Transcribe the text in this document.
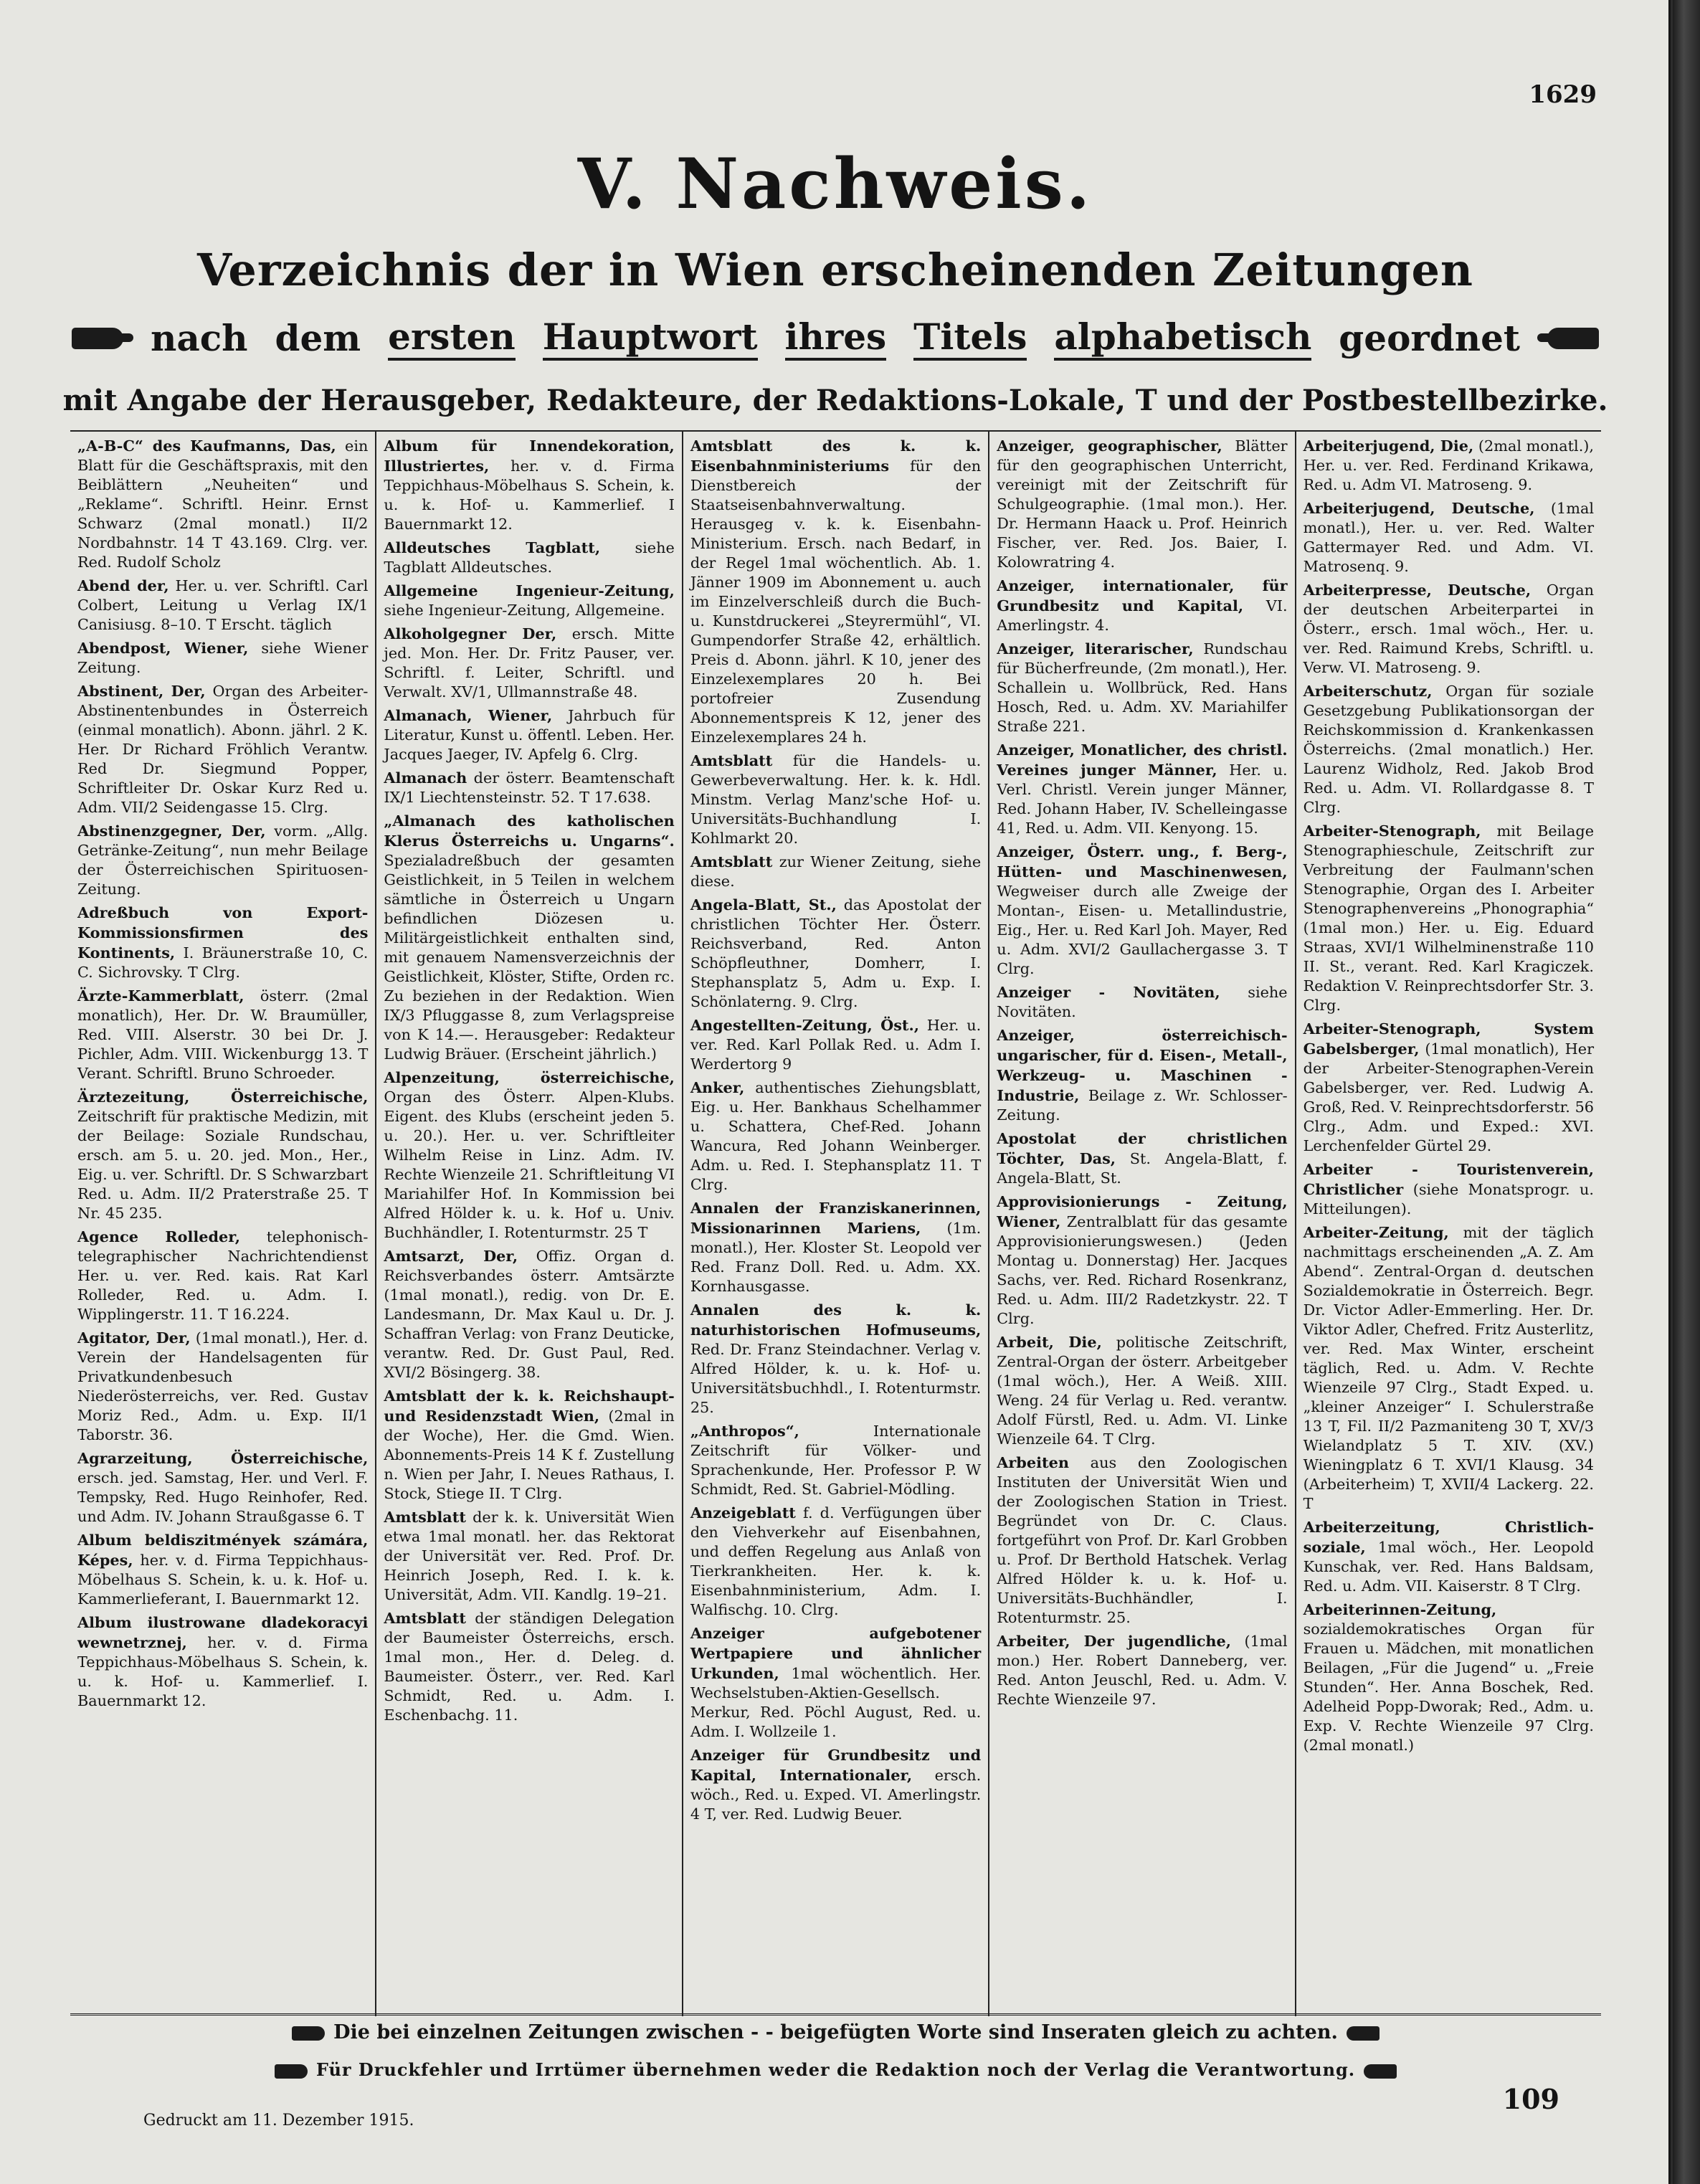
1629
V. Nachweis.
Verzeichnis der in Wien erscheinenden Zeitungen
nach dem ersten Hauptwort ihres Titels alphabetisch geordnet
mit Angabe der Herausgeber, Redakteure, der Redaktions-Lokale, T und der Postbestellbezirke.

„A-B-C“ des Kaufmanns, Das, ein Blatt für die Geschäftspraxis, mit den Beiblättern „Neuheiten“ und „Reklame“. Schriftl. Heinr. Ernst Schwarz (2mal monatl.) II/2 Nordbahnstr. 14 T 43.169. Clrg. ver. Red. Rudolf Scholz

Abend der, Her. u. ver. Schriftl. Carl Colbert, Leitung u Verlag IX/1 Canisiusg. 8–10. T Erscht. täglich

Abendpost, Wiener, siehe Wiener Zeitung.

Abstinent, Der, Organ des Arbeiter-Abstinentenbundes in Österreich (einmal monatlich). Abonn. jährl. 2 K. Her. Dr Richard Fröhlich Verantw. Red Dr. Siegmund Popper, Schriftleiter Dr. Oskar Kurz Red u. Adm. VII/2 Seidengasse 15. Clrg.

Abstinenzgegner, Der, vorm. „Allg. Getränke-Zeitung“, nun mehr Beilage der Österreichischen Spirituosen-Zeitung.

Adreßbuch von Export-Kommissionsfirmen des Kontinents, I. Bräunerstraße 10, C. C. Sichrovsky. T Clrg.

Ärzte-Kammerblatt, österr. (2mal monatlich), Her. Dr. W. Braumüller, Red. VIII. Alserstr. 30 bei Dr. J. Pichler, Adm. VIII. Wickenburgg 13. T Verant. Schriftl. Bruno Schroeder.

Ärztezeitung, Österreichische, Zeitschrift für praktische Medizin, mit der Beilage: Soziale Rundschau, ersch. am 5. u. 20. jed. Mon., Her., Eig. u. ver. Schriftl. Dr. S Schwarzbart Red. u. Adm. II/2 Praterstraße 25. T Nr. 45 235.

Agence Rolleder, telephonisch-telegraphischer Nachrichtendienst Her. u. ver. Red. kais. Rat Karl Rolleder, Red. u. Adm. I. Wipplingerstr. 11. T 16.224.

Agitator, Der, (1mal monatl.), Her. d. Verein der Handelsagenten für Privatkundenbesuch Niederösterreichs, ver. Red. Gustav Moriz Red., Adm. u. Exp. II/1 Taborstr. 36.

Agrarzeitung, Österreichische, ersch. jed. Samstag, Her. und Verl. F. Tempsky, Red. Hugo Reinhofer, Red. und Adm. IV. Johann Straußgasse 6. T

Album beldiszitmények számára, Képes, her. v. d. Firma Teppichhaus-Möbelhaus S. Schein, k. u. k. Hof- u. Kammerlieferant, I. Bauernmarkt 12.

Album ilustrowane dladekoracyi wewnetrznej, her. v. d. Firma Teppichhaus-Möbelhaus S. Schein, k. u. k. Hof- u. Kammerlief. I. Bauernmarkt 12.

Album für Innendekoration, Illustriertes, her. v. d. Firma Teppichhaus-Möbelhaus S. Schein, k. u. k. Hof- u. Kammerlief. I Bauernmarkt 12.

Alldeutsches Tagblatt, siehe Tagblatt Alldeutsches.

Allgemeine Ingenieur-Zeitung, siehe Ingenieur-Zeitung, Allgemeine.

Alkoholgegner Der, ersch. Mitte jed. Mon. Her. Dr. Fritz Pauser, ver. Schriftl. f. Leiter, Schriftl. und Verwalt. XV/1, Ullmannstraße 48.

Almanach, Wiener, Jahrbuch für Literatur, Kunst u. öffentl. Leben. Her. Jacques Jaeger, IV. Apfelg 6. Clrg.

Almanach der österr. Beamtenschaft IX/1 Liechtensteinstr. 52. T 17.638.

„Almanach des katholischen Klerus Österreichs u. Ungarns“. Spezialadreßbuch der gesamten Geistlichkeit, in 5 Teilen in welchem sämtliche in Österreich u Ungarn befindlichen Diözesen u. Militärgeistlichkeit enthalten sind, mit genauem Namensverzeichnis der Geistlichkeit, Klöster, Stifte, Orden rc. Zu beziehen in der Redaktion. Wien IX/3 Pfluggasse 8, zum Verlagspreise von K 14.—. Herausgeber: Redakteur Ludwig Bräuer. (Erscheint jährlich.)

Alpenzeitung, österreichische, Organ des Österr. Alpen-Klubs. Eigent. des Klubs (erscheint jeden 5. u. 20.). Her. u. ver. Schriftleiter Wilhelm Reise in Linz. Adm. IV. Rechte Wienzeile 21. Schriftleitung VI Mariahilfer Hof. In Kommission bei Alfred Hölder k. u. k. Hof u. Univ. Buchhändler, I. Rotenturmstr. 25 T

Amtsarzt, Der, Offiz. Organ d. Reichsverbandes österr. Amtsärzte (1mal monatl.), redig. von Dr. E. Landesmann, Dr. Max Kaul u. Dr. J. Schaffran Verlag: von Franz Deuticke, verantw. Red. Dr. Gust Paul, Red. XVI/2 Bösingerg. 38.

Amtsblatt der k. k. Reichshaupt- und Residenzstadt Wien, (2mal in der Woche), Her. die Gmd. Wien. Abonnements-Preis 14 K f. Zustellung n. Wien per Jahr, I. Neues Rathaus, I. Stock, Stiege II. T Clrg.

Amtsblatt der k. k. Universität Wien etwa 1mal monatl. her. das Rektorat der Universität ver. Red. Prof. Dr. Heinrich Joseph, Red. I. k. k. Universität, Adm. VII. Kandlg. 19–21.

Amtsblatt der ständigen Delegation der Baumeister Österreichs, ersch. 1mal mon., Her. d. Deleg. d. Baumeister. Österr., ver. Red. Karl Schmidt, Red. u. Adm. I. Eschenbachg. 11.

Amtsblatt des k. k. Eisenbahnministeriums für den Dienstbereich der Staatseisenbahnverwaltung. Herausgeg v. k. k. Eisenbahn-Ministerium. Ersch. nach Bedarf, in der Regel 1mal wöchentlich. Ab. 1. Jänner 1909 im Abonnement u. auch im Einzelverschleiß durch die Buch- u. Kunstdruckerei „Steyrermühl“, VI. Gumpendorfer Straße 42, erhältlich. Preis d. Abonn. jährl. K 10, jener des Einzelexemplares 20 h. Bei portofreier Zusendung Abonnementspreis K 12, jener des Einzelexemplares 24 h.

Amtsblatt für die Handels- u. Gewerbeverwaltung. Her. k. k. Hdl. Minstm. Verlag Manz'sche Hof- u. Universitäts-Buchhandlung I. Kohlmarkt 20.

Amtsblatt zur Wiener Zeitung, siehe diese.

Angela-Blatt, St., das Apostolat der christlichen Töchter Her. Österr. Reichsverband, Red. Anton Schöpfleuthner, Domherr, I. Stephansplatz 5, Adm u. Exp. I. Schönlaterng. 9. Clrg.

Angestellten-Zeitung, Öst., Her. u. ver. Red. Karl Pollak Red. u. Adm I. Werdertorg 9

Anker, authentisches Ziehungsblatt, Eig. u. Her. Bankhaus Schelhammer u. Schattera, Chef-Red. Johann Wancura, Red Johann Weinberger. Adm. u. Red. I. Stephansplatz 11. T Clrg.

Annalen der Franziskanerinnen, Missionarinnen Mariens, (1m. monatl.), Her. Kloster St. Leopold ver Red. Franz Doll. Red. u. Adm. XX. Kornhausgasse.

Annalen des k. k. naturhistorischen Hofmuseums, Red. Dr. Franz Steindachner. Verlag v. Alfred Hölder, k. u. k. Hof- u. Universitätsbuchhdl., I. Rotenturmstr. 25.

„Anthropos“,	Internationale Zeitschrift für Völker- und Sprachenkunde, Her. Professor P. W Schmidt, Red. St. Gabriel-Mödling.

Anzeigeblatt f. d. Verfügungen über den Viehverkehr auf Eisenbahnen, und deffen Regelung aus Anlaß von Tierkrankheiten. Her. k. k. Eisenbahnministerium, Adm. I. Walfischg. 10. Clrg.

Anzeiger aufgebotener Wertpapiere und ähnlicher Urkunden, 1mal wöchentlich. Her. Wechselstuben-Aktien-Gesellsch. Merkur, Red. Pöchl August, Red. u. Adm. I. Wollzeile 1.

Anzeiger für Grundbesitz und Kapital, Internationaler, ersch. wöch., Red. u. Exped. VI. Amerlingstr. 4 T, ver. Red. Ludwig Beuer.

Anzeiger, geographischer, Blätter für den geographischen Unterricht, vereinigt mit der Zeitschrift für Schulgeographie. (1mal mon.). Her. Dr. Hermann Haack u. Prof. Heinrich Fischer, ver. Red. Jos. Baier, I. Kolowratring 4.

Anzeiger, internationaler, für Grundbesitz und Kapital, VI. Amerlingstr. 4.

Anzeiger, literarischer, Rundschau für Bücherfreunde, (2m monatl.), Her. Schallein u. Wollbrück, Red. Hans Hosch, Red. u. Adm. XV. Mariahilfer Straße 221.

Anzeiger, Monatlicher, des christl. Vereines junger Männer, Her. u. Verl. Christl. Verein junger Männer, Red. Johann Haber, IV. Schelleingasse 41, Red. u. Adm. VII. Kenyong. 15.

Anzeiger, Österr. ung., f. Berg-, Hütten- und Maschinenwesen, Wegweiser durch alle Zweige der Montan-, Eisen- u. Metallindustrie, Eig., Her. u. Red Karl Joh. Mayer, Red u. Adm. XVI/2 Gaullachergasse 3. T Clrg.

Anzeiger - Novitäten, siehe Novitäten.

Anzeiger, österreichisch-ungarischer, für d. Eisen-, Metall-, Werkzeug- u. Maschinen - Industrie, Beilage z. Wr. Schlosser-Zeitung.

Apostolat der christlichen Töchter, Das, St. Angela-Blatt, f. Angela-Blatt, St.

Approvisionierungs - Zeitung, Wiener, Zentralblatt für das gesamte Approvisionierungswesen.) (Jeden Montag u. Donnerstag) Her. Jacques Sachs, ver. Red. Richard Rosenkranz, Red. u. Adm. III/2 Radetzkystr. 22. T Clrg.

Arbeit, Die, politische Zeitschrift, Zentral-Organ der österr. Arbeitgeber (1mal wöch.), Her. A Weiß. XIII. Weng. 24 für Verlag u. Red. verantw. Adolf Fürstl, Red. u. Adm. VI. Linke Wienzeile 64. T Clrg.

Arbeiten aus den Zoologischen Instituten der Universität Wien und der Zoologischen Station in Triest. Begründet von Dr. C. Claus. fortgeführt von Prof. Dr. Karl Grobben u. Prof. Dr Berthold Hatschek. Verlag Alfred Hölder k. u. k. Hof- u. Universitäts-Buchhändler, I. Rotenturmstr. 25.

Arbeiter, Der jugendliche, (1mal mon.) Her. Robert Danneberg, ver. Red. Anton Jeuschl, Red. u. Adm. V. Rechte Wienzeile 97.

Arbeiterjugend, Die, (2mal monatl.), Her. u. ver. Red. Ferdinand Krikawa, Red. u. Adm VI. Matroseng. 9.

Arbeiterjugend, Deutsche, (1mal monatl.), Her. u. ver. Red. Walter Gattermayer Red. und Adm. VI. Matrosenq. 9.

Arbeiterpresse, Deutsche, Organ der deutschen Arbeiterpartei in Österr., ersch. 1mal wöch., Her. u. ver. Red. Raimund Krebs, Schriftl. u. Verw. VI. Matroseng. 9.

Arbeiterschutz, Organ für soziale Gesetzgebung Publikationsorgan der Reichskommission d. Krankenkassen Österreichs. (2mal monatlich.) Her. Laurenz Widholz, Red. Jakob Brod Red. u. Adm. VI. Rollardgasse 8. T Clrg.

Arbeiter-Stenograph, mit Beilage Stenographieschule, Zeitschrift zur Verbreitung der Faulmann'schen Stenographie, Organ des I. Arbeiter Stenographenvereins „Phonographia“ (1mal mon.) Her. u. Eig. Eduard Straas, XVI/1 Wilhelminenstraße 110 II. St., verant. Red. Karl Kragiczek. Redaktion V. Reinprechtsdorfer Str. 3. Clrg.

Arbeiter-Stenograph, System Gabelsberger, (1mal monatlich), Her der Arbeiter-Stenographen-Verein Gabelsberger, ver. Red. Ludwig A. Groß, Red. V. Reinprechtsdorferstr. 56 Clrg., Adm. und Exped.: XVI. Lerchenfelder Gürtel 29.

Arbeiter - Touristenverein, Christlicher (siehe Monatsprogr. u. Mitteilungen).

Arbeiter-Zeitung, mit der täglich nachmittags erscheinenden „A. Z. Am Abend“. Zentral-Organ d. deutschen Sozialdemokratie in Österreich. Begr. Dr. Victor Adler-Emmerling. Her. Dr. Viktor Adler, Chefred. Fritz Austerlitz, ver. Red. Max Winter, erscheint täglich, Red. u. Adm. V. Rechte Wienzeile 97 Clrg., Stadt Exped. u. „kleiner Anzeiger“ I. Schulerstraße 13 T, Fil. II/2 Pazmaniteng 30 T, XV/3 Wielandplatz 5 T. XIV. (XV.) Wieningplatz 6 T. XVI/1 Klausg. 34 (Arbeiterheim) T, XVII/4 Lackerg. 22. T

Arbeiterzeitung, Christlich-soziale, 1mal wöch., Her. Leopold Kunschak, ver. Red. Hans Baldsam, Red. u. Adm. VII. Kaiserstr. 8 T Clrg.

Arbeiterinnen-Zeitung, sozialdemokratisches Organ für Frauen u. Mädchen, mit monatlichen Beilagen, „Für die Jugend“ u. „Freie Stunden“. Her. Anna Boschek, Red. Adelheid Popp-Dworak; Red., Adm. u. Exp. V. Rechte Wienzeile 97 Clrg. (2mal monatl.)

Die bei einzelnen Zeitungen zwischen - - beigefügten Worte sind Inseraten gleich zu achten.
Für Druckfehler und Irrtümer übernehmen weder die Redaktion noch der Verlag die Verantwortung.
Gedruckt am 11. Dezember 1915.
109
